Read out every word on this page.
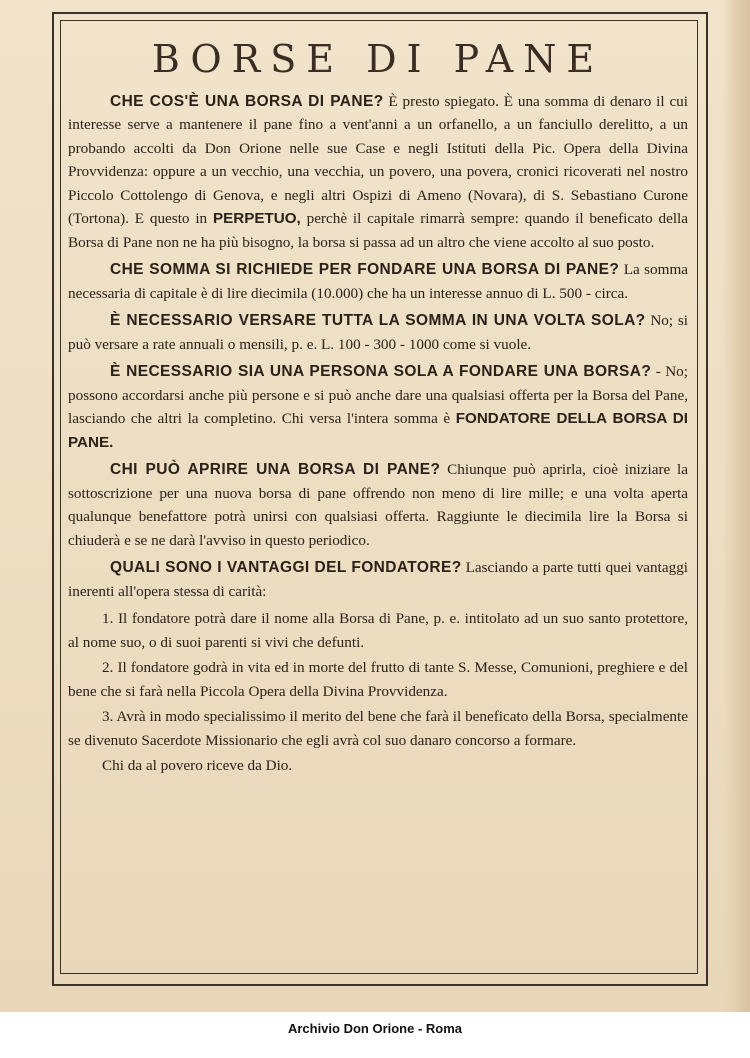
BORSE DI PANE

CHE COS'È UNA BORSA DI PANE? È presto spiegato. È una somma di denaro il cui interesse serve a mantenere il pane fino a vent'anni a un orfanello, a un fanciullo derelitto, a un probando accolti da Don Orione nelle sue Case e negli Istituti della Pic. Opera della Divina Provvidenza: oppure a un vecchio, una vecchia, un povero, una povera, cronici ricoverati nel nostro Piccolo Cottolengo di Genova, e negli altri Ospizi di Ameno (Novara), di S. Sebastiano Curone (Tortona). E questo in PERPETUO, perchè il capitale rimarrà sempre: quando il beneficato della Borsa di Pane non ne ha più bisogno, la borsa si passa ad un altro che viene accolto al suo posto.

CHE SOMMA SI RICHIEDE PER FONDARE UNA BORSA DI PANE? La somma necessaria di capitale è di lire diecimila (10.000) che ha un interesse annuo di L. 500 - circa.

È NECESSARIO VERSARE TUTTA LA SOMMA IN UNA VOLTA SOLA? No; si può versare a rate annuali o mensili, p. e. L. 100 - 300 - 1000 come si vuole.

È NECESSARIO SIA UNA PERSONA SOLA A FONDARE UNA BORSA? - No; possono accordarsi anche più persone e si può anche dare una qualsiasi offerta per la Borsa del Pane, lasciando che altri la completino. Chi versa l'intera somma è FONDATORE DELLA BORSA DI PANE.

CHI PUÒ APRIRE UNA BORSA DI PANE? Chiunque può aprirla, cioè iniziare la sottoscrizione per una nuova borsa di pane offrendo non meno di lire mille; e una volta aperta qualunque benefattore potrà unirsi con qualsiasi offerta. Raggiunte le diecimila lire la Borsa si chiuderà e se ne darà l'avviso in questo periodico.

QUALI SONO I VANTAGGI DEL FONDATORE? Lasciando a parte tutti quei vantaggi inerenti all'opera stessa di carità:

1. Il fondatore potrà dare il nome alla Borsa di Pane, p. e. intitolato ad un suo santo protettore, al nome suo, o di suoi parenti si vivi che defunti.

2. Il fondatore godrà in vita ed in morte del frutto di tante S. Messe, Comunioni, preghiere e del bene che si farà nella Piccola Opera della Divina Provvidenza.

3. Avrà in modo specialissimo il merito del bene che farà il beneficato della Borsa, specialmente se divenuto Sacerdote Missionario che egli avrà col suo danaro concorso a formare.

Chi da al povero riceve da Dio.

Archivio Don Orione - Roma
